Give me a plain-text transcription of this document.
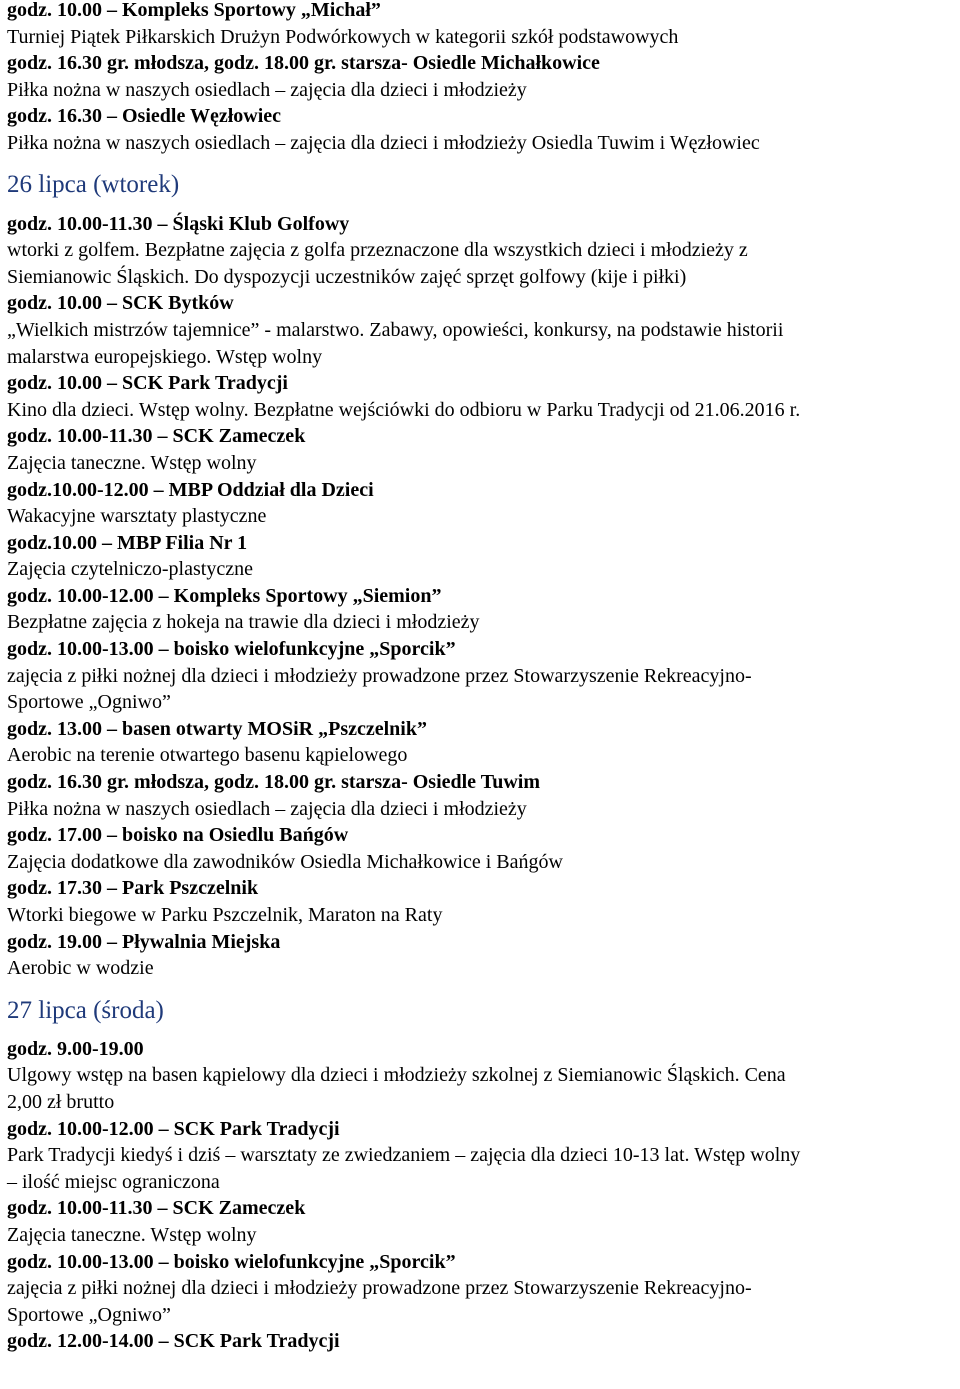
godz. 10.00 – Kompleks Sportowy „Michał”

Turniej Piątek Piłkarskich Drużyn Podwórkowych w kategorii szkół podstawowych

godz. 16.30 gr. młodsza, godz. 18.00 gr. starsza- Osiedle Michałkowice

Piłka nożna w naszych osiedlach – zajęcia dla dzieci i młodzieży

godz. 16.30 – Osiedle Węzłowiec

Piłka nożna w naszych osiedlach – zajęcia dla dzieci i młodzieży Osiedla Tuwim i Węzłowiec

26 lipca (wtorek)

godz. 10.00-11.30 – Śląski Klub Golfowy

wtorki z golfem. Bezpłatne zajęcia z golfa przeznaczone dla wszystkich dzieci i młodzieży z

Siemianowic Śląskich. Do dyspozycji uczestników zajęć sprzęt golfowy (kije i piłki)

godz. 10.00 – SCK Bytków

„Wielkich mistrzów tajemnice” - malarstwo. Zabawy, opowieści, konkursy, na podstawie historii

malarstwa europejskiego. Wstęp wolny

godz. 10.00 – SCK Park Tradycji

Kino dla dzieci. Wstęp wolny. Bezpłatne wejściówki do odbioru w Parku Tradycji od 21.06.2016 r.

godz. 10.00-11.30 – SCK Zameczek

Zajęcia taneczne. Wstęp wolny

godz.10.00-12.00 – MBP Oddział dla Dzieci

Wakacyjne warsztaty plastyczne

godz.10.00 – MBP Filia Nr 1

Zajęcia czytelniczo-plastyczne

godz. 10.00-12.00 – Kompleks Sportowy „Siemion”

Bezpłatne zajęcia z hokeja na trawie dla dzieci i młodzieży

godz. 10.00-13.00 – boisko wielofunkcyjne „Sporcik”

zajęcia z piłki nożnej dla dzieci i młodzieży prowadzone przez Stowarzyszenie Rekreacyjno-

Sportowe „Ogniwo”

godz. 13.00 – basen otwarty MOSiR „Pszczelnik”

Aerobic na terenie otwartego basenu kąpielowego

godz. 16.30 gr. młodsza, godz. 18.00 gr. starsza- Osiedle Tuwim

Piłka nożna w naszych osiedlach – zajęcia dla dzieci i młodzieży

godz. 17.00 – boisko na Osiedlu Bańgów

Zajęcia dodatkowe dla zawodników Osiedla Michałkowice i Bańgów

godz. 17.30 – Park Pszczelnik

Wtorki biegowe w Parku Pszczelnik, Maraton na Raty

godz. 19.00 – Pływalnia Miejska

Aerobic w wodzie

27 lipca (środa)

godz. 9.00-19.00

Ulgowy wstęp na basen kąpielowy dla dzieci i młodzieży szkolnej z Siemianowic Śląskich. Cena

2,00 zł brutto

godz. 10.00-12.00 – SCK Park Tradycji

Park Tradycji kiedyś i dziś – warsztaty ze zwiedzaniem – zajęcia dla dzieci 10-13 lat. Wstęp wolny

– ilość miejsc ograniczona

godz. 10.00-11.30 – SCK Zameczek

Zajęcia taneczne. Wstęp wolny

godz. 10.00-13.00 – boisko wielofunkcyjne „Sporcik”

zajęcia z piłki nożnej dla dzieci i młodzieży prowadzone przez Stowarzyszenie Rekreacyjno-

Sportowe „Ogniwo”

godz. 12.00-14.00 – SCK Park Tradycji
